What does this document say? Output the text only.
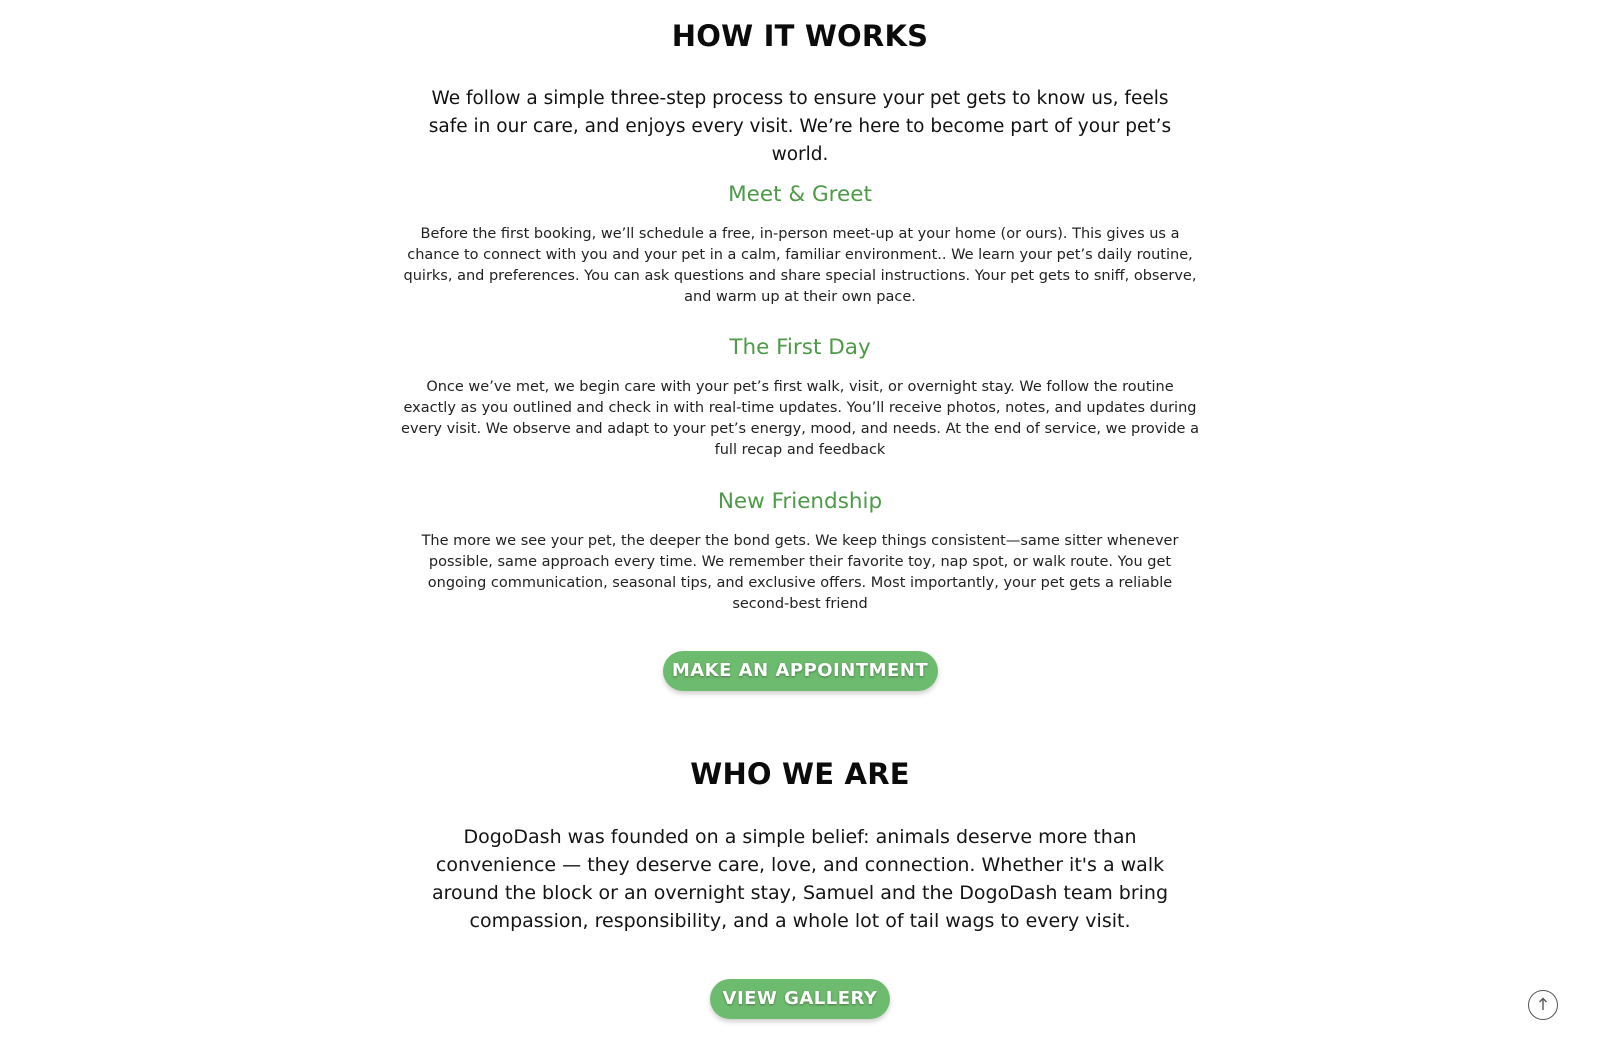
HOW IT WORKS

We follow a simple three-step process to ensure your pet gets to know us, feels safe in our care, and enjoys every visit. We’re here to become part of your pet’s world.

Meet & Greet

Before the first booking, we’ll schedule a free, in-person meet-up at your home (or ours). This gives us a chance to connect with you and your pet in a calm, familiar environment.. We learn your pet’s daily routine, quirks, and preferences. You can ask questions and share special instructions. Your pet gets to sniff, observe, and warm up at their own pace.

The First Day

Once we’ve met, we begin care with your pet’s first walk, visit, or overnight stay. We follow the routine exactly as you outlined and check in with real-time updates. You’ll receive photos, notes, and updates during every visit. We observe and adapt to your pet’s energy, mood, and needs. At the end of service, we provide a full recap and feedback

New Friendship

The more we see your pet, the deeper the bond gets. We keep things consistent—same sitter whenever possible, same approach every time. We remember their favorite toy, nap spot, or walk route. You get ongoing communication, seasonal tips, and exclusive offers. Most importantly, your pet gets a reliable second-best friend

MAKE AN APPOINTMENT
WHO WE ARE

DogoDash was founded on a simple belief: animals deserve more than convenience — they deserve care, love, and connection. Whether it's a walk around the block or an overnight stay, Samuel and the DogoDash team bring compassion, responsibility, and a whole lot of tail wags to every visit.

VIEW GALLERY
